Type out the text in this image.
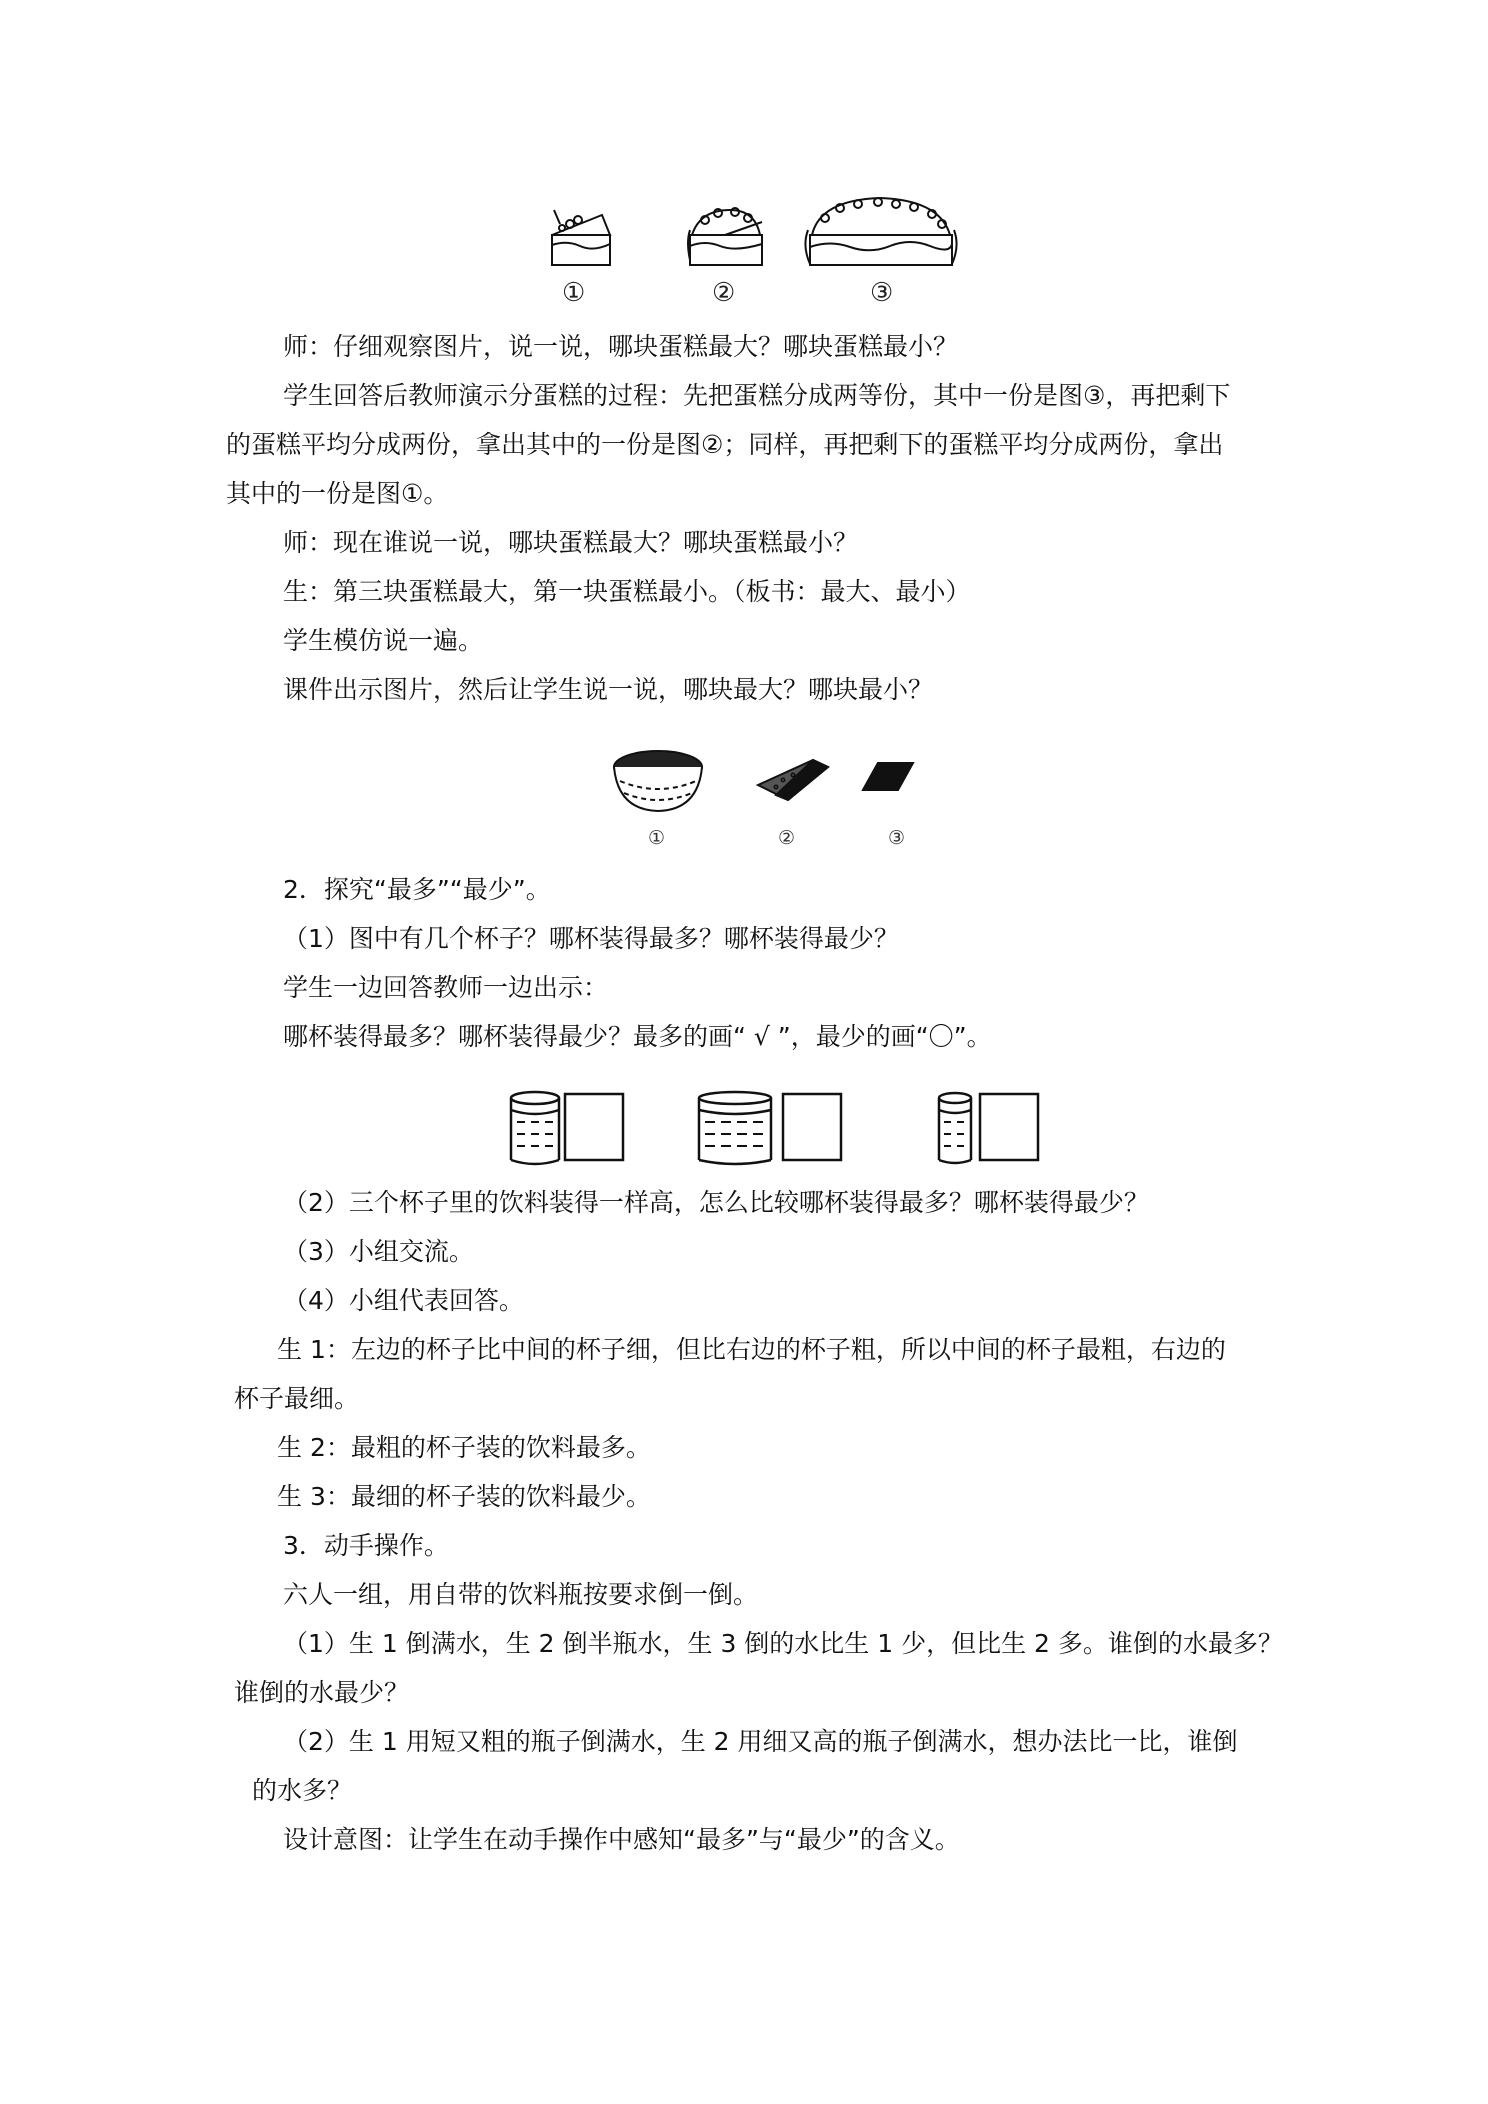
①	②	③
师：仔细观察图片，说一说，哪块蛋糕最大？哪块蛋糕最小？
学生回答后教师演示分蛋糕的过程：先把蛋糕分成两等份，其中一份是图③，再把剩下
的蛋糕平均分成两份，拿出其中的一份是图②；同样，再把剩下的蛋糕平均分成两份，拿出
其中的一份是图①。
师：现在谁说一说，哪块蛋糕最大？哪块蛋糕最小？
生：第三块蛋糕最大，第一块蛋糕最小。（板书：最大、最小）
学生模仿说一遍。
课件出示图片，然后让学生说一说，哪块最大？哪块最小？
①	②	③
2．探究“最多”“最少”。
（1）图中有几个杯子？哪杯装得最多？哪杯装得最少？
学生一边回答教师一边出示：
哪杯装得最多？哪杯装得最少？最多的画“ √ ”，最少的画“〇”。
（2）三个杯子里的饮料装得一样高，怎么比较哪杯装得最多？哪杯装得最少？
（3）小组交流。
（4）小组代表回答。
生 1：左边的杯子比中间的杯子细，但比右边的杯子粗，所以中间的杯子最粗，右边的
杯子最细。
生 2：最粗的杯子装的饮料最多。
生 3：最细的杯子装的饮料最少。
3．动手操作。
六人一组，用自带的饮料瓶按要求倒一倒。
（1）生 1 倒满水，生 2 倒半瓶水，生 3 倒的水比生 1 少，但比生 2 多。谁倒的水最多？
谁倒的水最少？
（2）生 1 用短又粗的瓶子倒满水，生 2 用细又高的瓶子倒满水，想办法比一比，谁倒
的水多？
设计意图：让学生在动手操作中感知“最多”与“最少”的含义。
